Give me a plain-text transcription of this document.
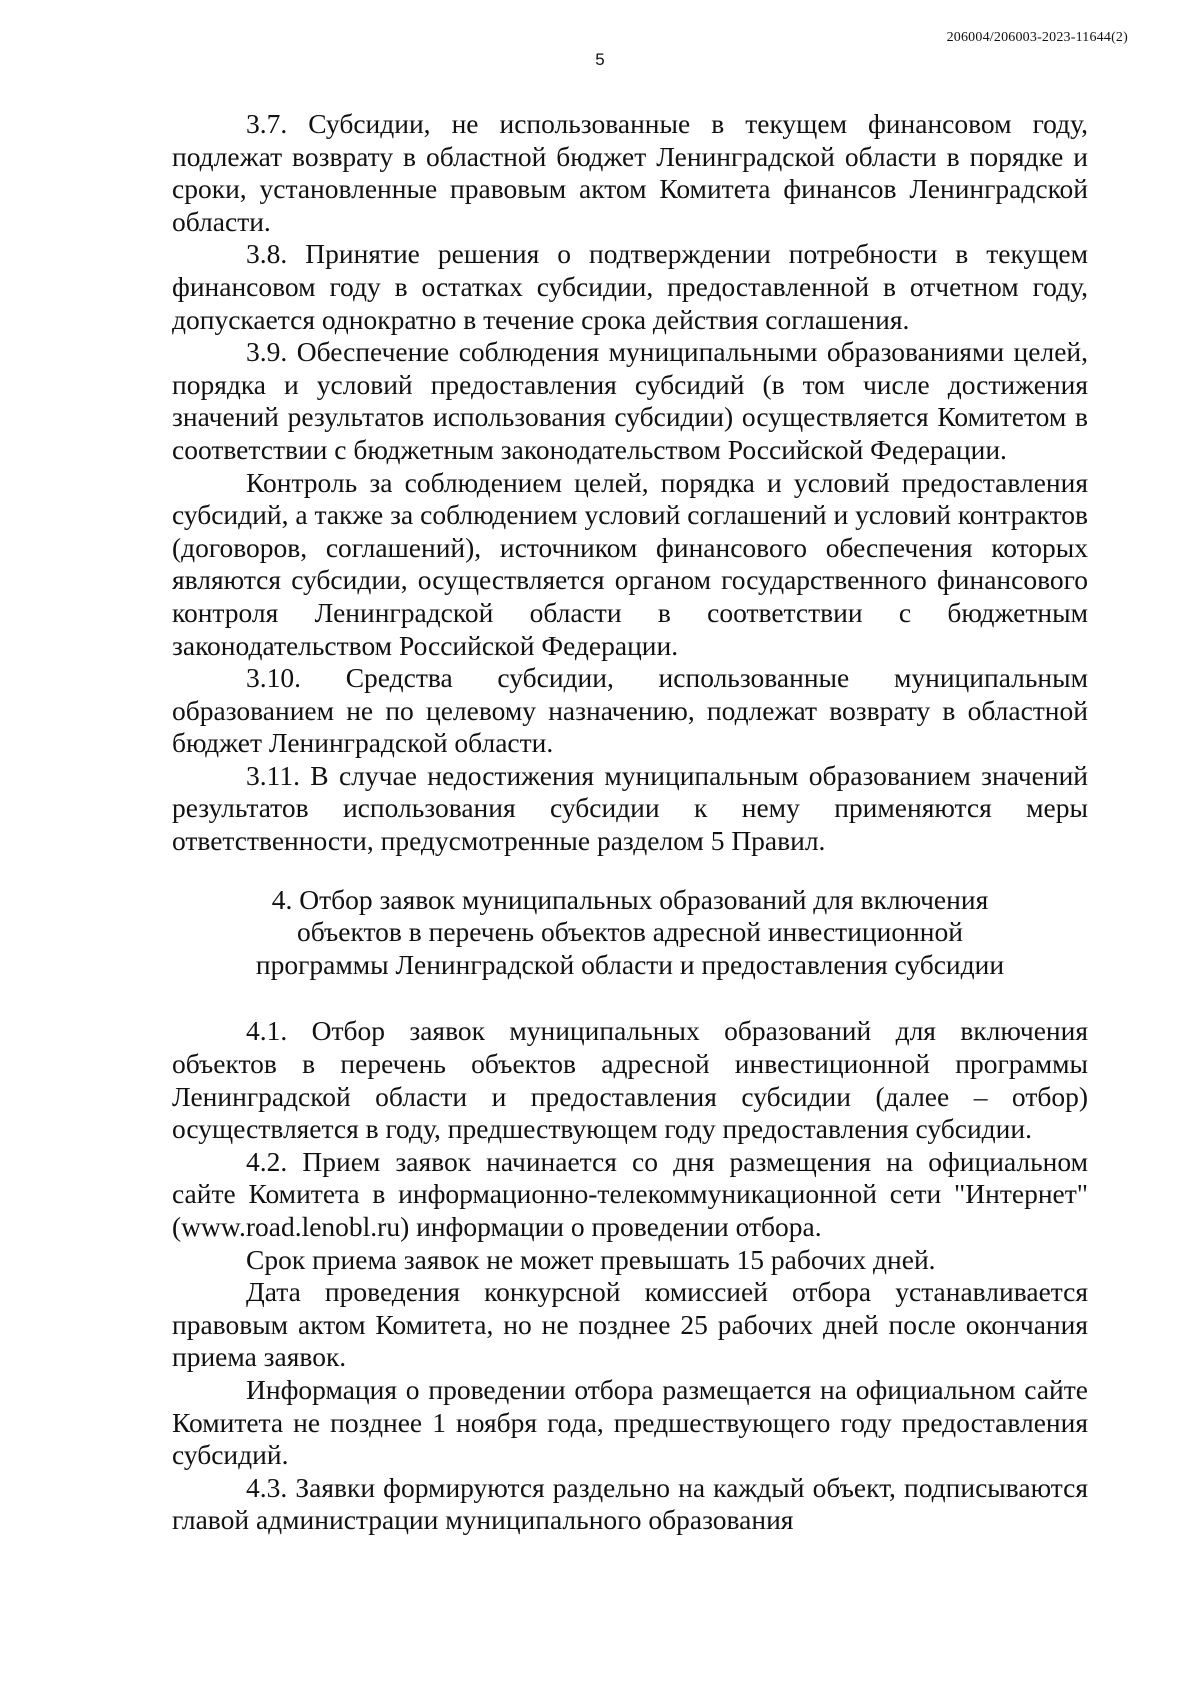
206004/206003-2023-11644(2)
5

3.7. Субсидии, не использованные в текущем финансовом году, подлежат возврату в областной бюджет Ленинградской области в порядке и сроки, установленные правовым актом Комитета финансов Ленинградской области.

3.8. Принятие решения о подтверждении потребности в текущем финансовом году в остатках субсидии, предоставленной в отчетном году, допускается однократно в течение срока действия соглашения.

3.9. Обеспечение соблюдения муниципальными образованиями целей, порядка и условий предоставления субсидий (в том числе достижения значений результатов использования субсидии) осуществляется Комитетом в соответствии с бюджетным законодательством Российской Федерации.

Контроль за соблюдением целей, порядка и условий предоставления субсидий, а также за соблюдением условий соглашений и условий контрактов (договоров, соглашений), источником финансового обеспечения которых являются субсидии, осуществляется органом государственного финансового контроля Ленинградской области в соответствии с бюджетным законодательством Российской Федерации.

3.10. Средства субсидии, использованные муниципальным образованием не по целевому назначению, подлежат возврату в областной бюджет Ленинградской области.

3.11. В случае недостижения муниципальным образованием значений результатов использования субсидии к нему применяются меры ответственности, предусмотренные разделом 5 Правил.

4. Отбор заявок муниципальных образований для включения объектов в перечень объектов адресной инвестиционной программы Ленинградской области и предоставления субсидии

4.1. Отбор заявок муниципальных образований для включения объектов в перечень объектов адресной инвестиционной программы Ленинградской области и предоставления субсидии (далее – отбор) осуществляется в году, предшествующем году предоставления субсидии.

4.2. Прием заявок начинается со дня размещения на официальном сайте Комитета в информационно-телекоммуникационной сети "Интернет" (www.road.lenobl.ru) информации о проведении отбора.

Срок приема заявок не может превышать 15 рабочих дней.

Дата проведения конкурсной комиссией отбора устанавливается правовым актом Комитета, но не позднее 25 рабочих дней после окончания приема заявок.

Информация о проведении отбора размещается на официальном сайте Комитета не позднее 1 ноября года, предшествующего году предоставления субсидий.

4.3. Заявки формируются раздельно на каждый объект, подписываются главой администрации муниципального образования
